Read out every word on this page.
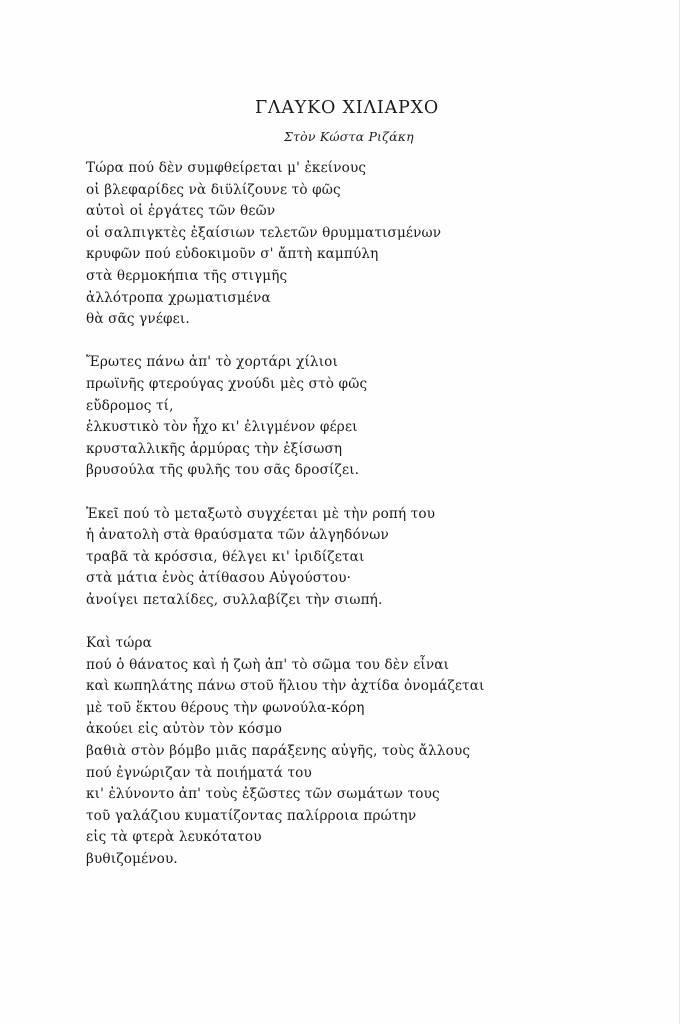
ΓΛΑΥΚΟ ΧΙΛΙΑΡΧΟ
Στὸν Κώστα Ριζάκη
Τώρα πού δὲν συμφθείρεται μ' ἐκείνους
οἱ βλεφαρίδες νὰ διϋλίζουνε τὸ φῶς
αὐτοὶ οἱ ἐργάτες τῶν θεῶν
οἱ σαλπιγκτὲς ἐξαίσιων τελετῶν θρυμματισμένων
κρυφῶν πού εὐδοκιμοῦν σ' ἄπτὴ καμπύλη
στὰ θερμοκήπια τῆς στιγμῆς
ἀλλότροπα χρωματισμένα
θὰ σᾶς γνέφει.
Ἔρωτες πάνω ἀπ' τὸ χορτάρι χίλιοι
πρωϊνῆς φτερούγας χνούδι μὲς στὸ φῶς
εὔδρομος τί,
ἑλκυστικὸ τὸν ἦχο κι' ἐλιγμένον φέρει
κρυσταλλικῆς ἁρμύρας τὴν ἐξίσωση
βρυσούλα τῆς φυλῆς του σᾶς δροσίζει.
Ἐκεῖ πού τὸ μεταξωτὸ συγχέεται μὲ τὴν ροπή του
ἡ ἀνατολὴ στὰ θραύσματα τῶν ἀλγηδόνων
τραβᾶ τὰ κρόσσια, θέλγει κι' ἰριδίζεται
στὰ μάτια ἑνὸς ἀτίθασου Αὐγούστου·
ἀνοίγει πεταλίδες, συλλαβίζει τὴν σιωπή.
Καὶ τώρα
πού ὁ θάνατος καὶ ἡ ζωὴ ἀπ' τὸ σῶμα του δὲν εἶναι
καὶ κωπηλάτης πάνω στοῦ ἥλιου τὴν ἀχτίδα ὀνομάζεται
μὲ τοῦ ἕκτου θέρους τὴν φωνούλα-κόρη
ἀκούει εἰς αὐτὸν τὸν κόσμο
βαθιὰ στὸν βόμβο μιᾶς παράξενης αὐγῆς, τοὺς ἄλλους
πού ἐγνώριζαν τὰ ποιήματά του
κι' ἐλύνοντο ἀπ' τοὺς ἐξῶστες τῶν σωμάτων τους
τοῦ γαλάζιου κυματίζοντας παλίρροια πρώτην
εἰς τὰ φτερὰ λευκότατου
βυθιζομένου.
